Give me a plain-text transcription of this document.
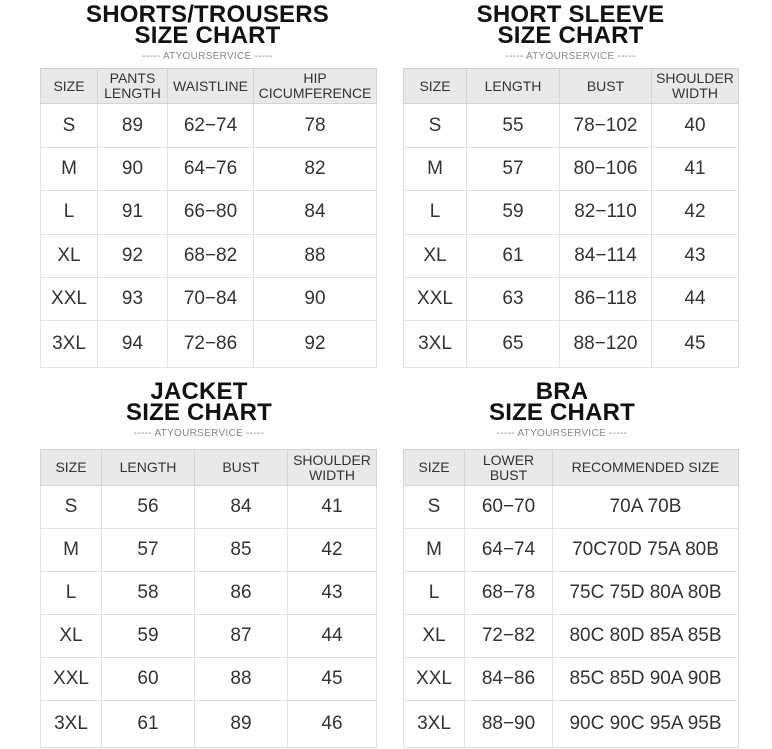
SHORTS/TROUSERS
SIZE CHART
----- ATYOURSERVICE -----
SIZE	PANTS LENGTH	WAISTLINE	HIP CICUMFERENCE
S	89	62−74	78
M	90	64−76	82
L	91	66−80	84
XL	92	68−82	88
XXL	93	70−84	90
3XL	94	72−86	92
SHORT SLEEVE
SIZE CHART
----- ATYOURSERVICE -----
SIZE	LENGTH	BUST	SHOULDER WIDTH
S	55	78−102	40
M	57	80−106	41
L	59	82−110	42
XL	61	84−114	43
XXL	63	86−118	44
3XL	65	88−120	45
JACKET
SIZE CHART
----- ATYOURSERVICE -----
SIZE	LENGTH	BUST	SHOULDER WIDTH
S	56	84	41
M	57	85	42
L	58	86	43
XL	59	87	44
XXL	60	88	45
3XL	61	89	46
BRA
SIZE CHART
----- ATYOURSERVICE -----
SIZE	LOWER BUST	RECOMMENDED SIZE
S	60−70	70A 70B
M	64−74	70C70D 75A 80B
L	68−78	75C 75D 80A 80B
XL	72−82	80C 80D 85A 85B
XXL	84−86	85C 85D 90A 90B
3XL	88−90	90C 90C 95A 95B
